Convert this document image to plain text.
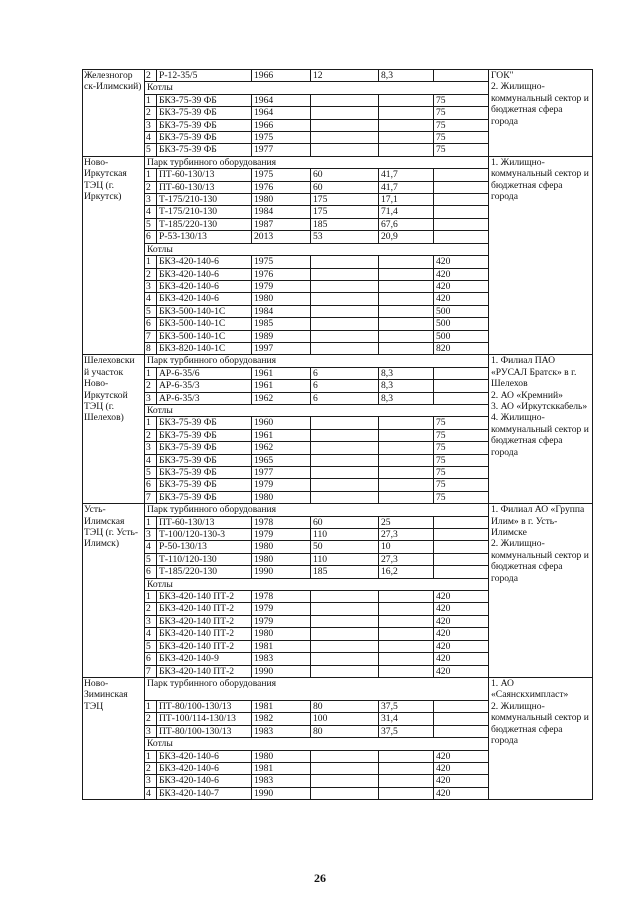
Железногор ск-Илимский)	2	Р-12-35/5	1966	12	8,3		ГОК"
2. Жилищно-коммунальный сектор и бюджетная сфера города
	Котлы						
	1	БКЗ-75-39 ФБ	1964			75	
	2	БКЗ-75-39 ФБ	1964			75	
	3	БКЗ-75-39 ФБ	1966			75	
	4	БКЗ-75-39 ФБ	1975			75	
	5	БКЗ-75-39 ФБ	1977			75	
Ново-Иркутская ТЭЦ (г. Иркутск)	Парк турбинного оборудования						1. Жилищно-коммунальный сектор и бюджетная сфера города
	1	ПТ-60-130/13	1975	60	41,7		
	2	ПТ-60-130/13	1976	60	41,7		
	3	Т-175/210-130	1980	175	17,1		
	4	Т-175/210-130	1984	175	71,4		
	5	Т-185/220-130	1987	185	67,6		
	6	Р-53-130/13	2013	53	20,9		
	Котлы						
	1	БКЗ-420-140-6	1975			420	
	2	БКЗ-420-140-6	1976			420	
	3	БКЗ-420-140-6	1979			420	
	4	БКЗ-420-140-6	1980			420	
	5	БКЗ-500-140-1С	1984			500	
	6	БКЗ-500-140-1С	1985			500	
	7	БКЗ-500-140-1С	1989			500	
	8	БКЗ-820-140-1С	1997			820	
Шелеховски й участок Ново-Иркутской ТЭЦ (г. Шелехов)	Парк турбинного оборудования						1. Филиал ПАО «РУСАЛ Братск» в г. Шелехов
2. АО «Кремний»
3. АО «Иркутсккабель»
4. Жилищно-коммунальный сектор и бюджетная сфера города
	1	АР-6-35/6	1961	6	8,3		
	2	АР-6-35/3	1961	6	8,3		
	3	АР-6-35/3	1962	6	8,3		
	Котлы						
	1	БКЗ-75-39 ФБ	1960			75	
	2	БКЗ-75-39 ФБ	1961			75	
	3	БКЗ-75-39 ФБ	1962			75	
	4	БКЗ-75-39 ФБ	1965			75	
	5	БКЗ-75-39 ФБ	1977			75	
	6	БКЗ-75-39 ФБ	1979			75	
	7	БКЗ-75-39 ФБ	1980			75	
Усть-Илимская ТЭЦ (г. Усть-Илимск)	Парк турбинного оборудования						1. Филиал АО «Группа Илим» в г. Усть-Илимске
2. Жилищно-коммунальный сектор и бюджетная сфера города
	1	ПТ-60-130/13	1978	60	25		
	3	Т-100/120-130-3	1979	110	27,3		
	4	Р-50-130/13	1980	50	10		
	5	Т-110/120-130	1980	110	27,3		
	6	Т-185/220-130	1990	185	16,2		
	Котлы						
	1	БКЗ-420-140 ПТ-2	1978			420	
	2	БКЗ-420-140 ПТ-2	1979			420	
	3	БКЗ-420-140 ПТ-2	1979			420	
	4	БКЗ-420-140 ПТ-2	1980			420	
	5	БКЗ-420-140 ПТ-2	1981			420	
	6	БКЗ-420-140-9	1983			420	
	7	БКЗ-420-140 ПТ-2	1990			420	
Ново-Зиминская ТЭЦ	Парк турбинного оборудования						1. АО «Саянскхимпласт»
2. Жилищно-коммунальный сектор и бюджетная сфера города
	1	ПТ-80/100-130/13	1981	80	37,5		
	2	ПТ-100/114-130/13	1982	100	31,4		
	3	ПТ-80/100-130/13	1983	80	37,5		
	Котлы						
	1	БКЗ-420-140-6	1980			420	
	2	БКЗ-420-140-6	1981			420	
	3	БКЗ-420-140-6	1983			420	
	4	БКЗ-420-140-7	1990			420	
26
